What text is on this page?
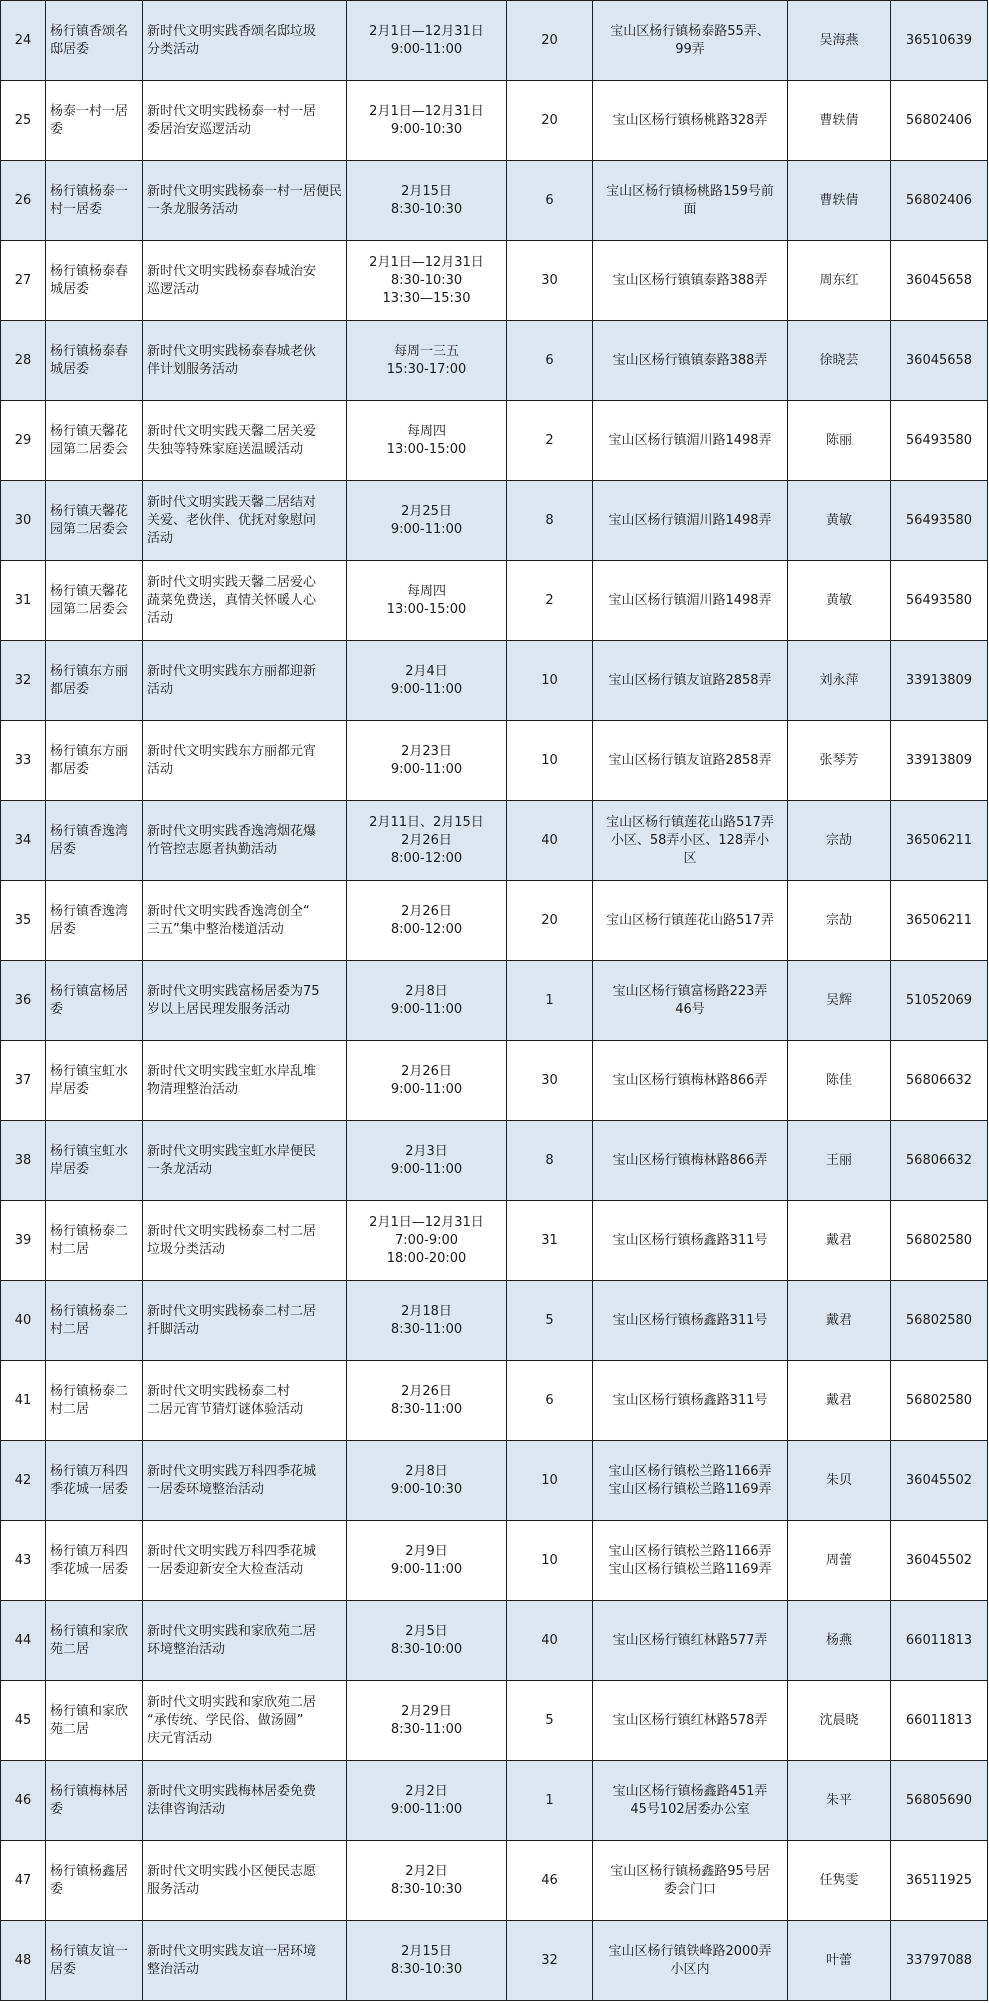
24	杨行镇香颂名
邸居委	新时代文明实践香颂名邸垃圾
分类活动	2月1日—12月31日
9:00-11:00	20	宝山区杨行镇杨泰路55弄、
99弄	吴海燕	36510639
25	杨泰一村一居
委	新时代文明实践杨泰一村一居
委居治安巡逻活动	2月1日—12月31日
9:00-10:30	20	宝山区杨行镇杨桃路328弄	曹轶倩	56802406
26	杨行镇杨泰一
村一居委	新时代文明实践杨泰一村一居便民
一条龙服务活动	2月15日
8:30-10:30	6	宝山区杨行镇杨桃路159号前
面	曹轶倩	56802406
27	杨行镇杨泰春
城居委	新时代文明实践杨泰春城治安
巡逻活动	2月1日—12月31日
8:30-10:30
13:30—15:30	30	宝山区杨行镇镇泰路388弄	周东红	36045658
28	杨行镇杨泰春
城居委	新时代文明实践杨泰春城老伙
伴计划服务活动	每周一三五
15:30-17:00	6	宝山区杨行镇镇泰路388弄	徐晓芸	36045658
29	杨行镇天馨花
园第二居委会	新时代文明实践天馨二居关爱
失独等特殊家庭送温暖活动	每周四
13:00-15:00	2	宝山区杨行镇湄川路1498弄	陈丽	56493580
30	杨行镇天馨花
园第二居委会	新时代文明实践天馨二居结对
关爱、老伙伴、优抚对象慰问
活动	2月25日
9:00-11:00	8	宝山区杨行镇湄川路1498弄	黄敏	56493580
31	杨行镇天馨花
园第二居委会	新时代文明实践天馨二居爱心
蔬菜免费送，真情关怀暖人心
活动	每周四
13:00-15:00	2	宝山区杨行镇湄川路1498弄	黄敏	56493580
32	杨行镇东方丽
都居委	新时代文明实践东方丽都迎新
活动	2月4日
9:00-11:00	10	宝山区杨行镇友谊路2858弄	刘永萍	33913809
33	杨行镇东方丽
都居委	新时代文明实践东方丽都元宵
活动	2月23日
9:00-11:00	10	宝山区杨行镇友谊路2858弄	张琴芳	33913809
34	杨行镇香逸湾
居委	新时代文明实践香逸湾烟花爆
竹管控志愿者执勤活动	2月11日、2月15日
2月26日
8:00-12:00	40	宝山区杨行镇莲花山路517弄
小区、58弄小区、128弄小
区	宗劼	36506211
35	杨行镇香逸湾
居委	新时代文明实践香逸湾创全“
三五”集中整治楼道活动	2月26日
8:00-12:00	20	宝山区杨行镇莲花山路517弄	宗劼	36506211
36	杨行镇富杨居
委	新时代文明实践富杨居委为75
岁以上居民理发服务活动	2月8日
9:00-11:00	1	宝山区杨行镇富杨路223弄
46号	吴辉	51052069
37	杨行镇宝虹水
岸居委	新时代文明实践宝虹水岸乱堆
物清理整治活动	2月26日
9:00-11:00	30	宝山区杨行镇梅林路866弄	陈佳	56806632
38	杨行镇宝虹水
岸居委	新时代文明实践宝虹水岸便民
一条龙活动	2月3日
9:00-11:00	8	宝山区杨行镇梅林路866弄	王丽	56806632
39	杨行镇杨泰二
村二居	新时代文明实践杨泰二村二居
垃圾分类活动	2月1日—12月31日
7:00-9:00
18:00-20:00	31	宝山区杨行镇杨鑫路311号	戴君	56802580
40	杨行镇杨泰二
村二居	新时代文明实践杨泰二村二居
扦脚活动	2月18日
8:30-11:00	5	宝山区杨行镇杨鑫路311号	戴君	56802580
41	杨行镇杨泰二
村二居	新时代文明实践杨泰二村
二居元宵节猜灯谜体验活动	2月26日
8:30-11:00	6	宝山区杨行镇杨鑫路311号	戴君	56802580
42	杨行镇万科四
季花城一居委	新时代文明实践万科四季花城
一居委环境整治活动	2月8日
9:00-10:30	10	宝山区杨行镇松兰路1166弄
宝山区杨行镇松兰路1169弄	朱贝	36045502
43	杨行镇万科四
季花城一居委	新时代文明实践万科四季花城
一居委迎新安全大检查活动	2月9日
9:00-11:00	10	宝山区杨行镇松兰路1166弄
宝山区杨行镇松兰路1169弄	周蕾	36045502
44	杨行镇和家欣
苑二居	新时代文明实践和家欣苑二居
环境整治活动	2月5日
8:30-10:00	40	宝山区杨行镇红林路577弄	杨燕	66011813
45	杨行镇和家欣
苑二居	新时代文明实践和家欣苑二居
“承传统、学民俗、做汤圆”
庆元宵活动	2月29日
8:30-11:00	5	宝山区杨行镇红林路578弄	沈晨晓	66011813
46	杨行镇梅林居
委	新时代文明实践梅林居委免费
法律咨询活动	2月2日
9:00-11:00	1	宝山区杨行镇杨鑫路451弄
45号102居委办公室	朱平	56805690
47	杨行镇杨鑫居
委	新时代文明实践小区便民志愿
服务活动	2月2日
8:30-10:30	46	宝山区杨行镇杨鑫路95号居
委会门口	任隽雯	36511925
48	杨行镇友谊一
居委	新时代文明实践友谊一居环境
整治活动	2月15日
8:30-10:30	32	宝山区杨行镇铁峰路2000弄
小区内	叶蕾	33797088
